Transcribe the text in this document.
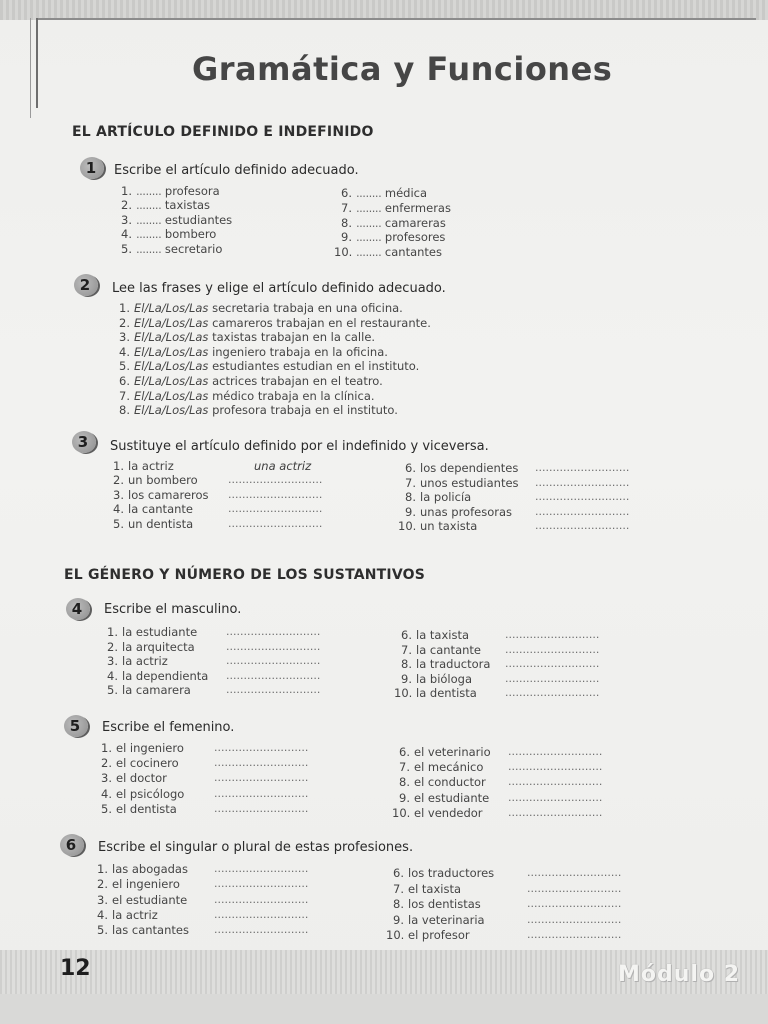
Gramática y Funciones
EL ARTÍCULO DEFINIDO E INDEFINIDO
1	Escribe el artículo definido adecuado.

1. ........ profesora
2. ........ taxistas
3. ........ estudiantes
4. ........ bombero
5. ........ secretario
6. ........ médica
7. ........ enfermeras
8. ........ camareras
9. ........ profesores
10. ........ cantantes
2	Lee las frases y elige el artículo definido adecuado.

1. El/La/Los/Las secretaria trabaja en una oficina.
2. El/La/Los/Las camareros trabajan en el restaurante.
3. El/La/Los/Las taxistas trabajan en la calle.
4. El/La/Los/Las ingeniero trabaja en la oficina.
5. El/La/Los/Las estudiantes estudian en el instituto.
6. El/La/Los/Las actrices trabajan en el teatro.
7. El/La/Los/Las médico trabaja en la clínica.
8. El/La/Los/Las profesora trabaja en el instituto.
3	Sustituye el artículo definido por el indefinido y viceversa.

1. la actriz	una actriz
2. un bombero	...........................
3. los camareros ...........................
4. la cantante	...........................
5. un dentista	...........................
6. los dependientes ...........................
7. unos estudiantes ...........................
8. la policía	...........................
9. unas profesoras ...........................
10. un taxista	...........................
4	Escribe el masculino.

1. la estudiante	...........................
2. la arquitecta	...........................
3. la actriz	...........................
4. la dependienta ...........................
5. la camarera	...........................
6. la taxista	...........................
7. la cantante ...........................
8. la traductora ...........................
9. la bióloga	...........................
10. la dentista	...........................
5	Escribe el femenino.

1. el ingeniero	...........................
2. el cocinero	...........................
3. el doctor	...........................
4. el psicólogo	...........................
5. el dentista	...........................
6. el veterinario ...........................
7. el mecánico ...........................
8. el conductor ...........................
9. el estudiante ...........................
10. el vendedor ...........................
6	Escribe el singular o plural de estas profesiones.

1. las abogadas ...........................
2. el ingeniero	...........................
3. el estudiante ...........................
4. la actriz	...........................
5. las cantantes ...........................
6. los traductores	...........................
7. el taxista	...........................
8. los dentistas	...........................
9. la veterinaria	...........................
10. el profesor	...........................
EL GÉNERO Y NÚMERO DE LOS SUSTANTIVOS
12	Módulo 2
